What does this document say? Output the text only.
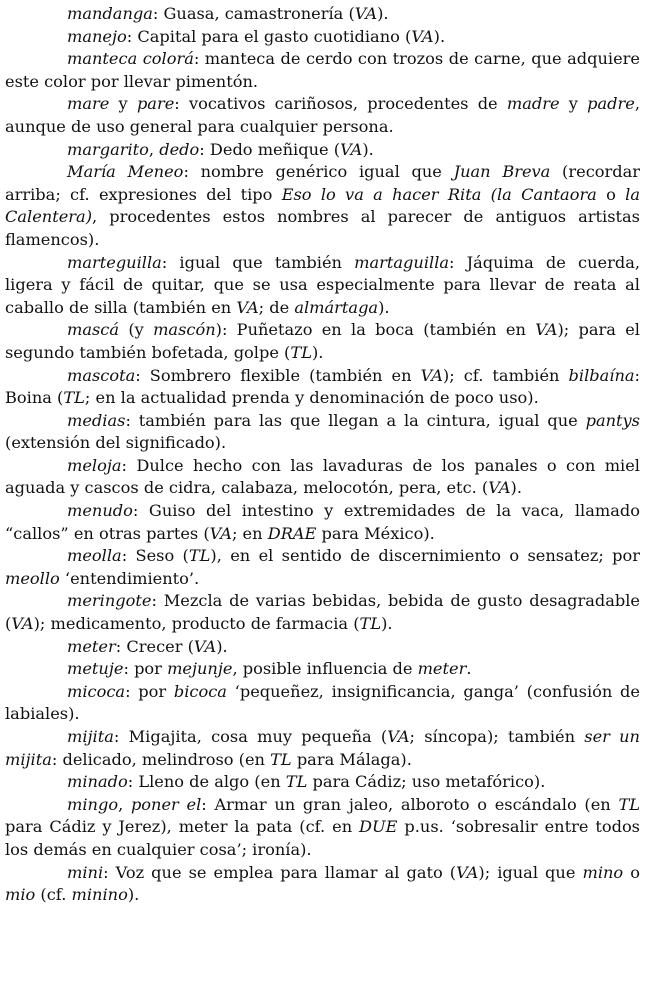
mandanga: Guasa, camastronería (VA).

manejo: Capital para el gasto cuotidiano (VA).

manteca colorá: manteca de cerdo con trozos de carne, que adquiere este color por llevar pimentón.

mare y pare: vocativos cariñosos, procedentes de madre y padre, aunque de uso general para cualquier persona.

margarito, dedo: Dedo meñique (VA).

María Meneo: nombre genérico igual que Juan Breva (recordar arriba; cf. expresiones del tipo Eso lo va a hacer Rita (la Cantaora o la Calentera), procedentes estos nombres al parecer de antiguos artistas flamencos).

marteguilla: igual que también martaguilla: Jáquima de cuerda, ligera y fácil de quitar, que se usa especialmente para llevar de reata al caballo de silla (también en VA; de almártaga).

mascá (y mascón): Puñetazo en la boca (también en VA); para el segundo también bofetada, golpe (TL).

mascota: Sombrero flexible (también en VA); cf. también bilbaína: Boina (TL; en la actualidad prenda y denominación de poco uso).

medias: también para las que llegan a la cintura, igual que pantys (extensión del significado).

meloja: Dulce hecho con las lavaduras de los panales o con miel aguada y cascos de cidra, calabaza, melocotón, pera, etc. (VA).

menudo: Guiso del intestino y extremidades de la vaca, llamado “callos” en otras partes (VA; en DRAE para México).

meolla: Seso (TL), en el sentido de discernimiento o sensatez; por meollo ‘entendimiento’.

meringote: Mezcla de varias bebidas, bebida de gusto desagradable (VA); medicamento, producto de farmacia (TL).

meter: Crecer (VA).

metuje: por mejunje, posible influencia de meter.

micoca: por bicoca ‘pequeñez, insignificancia, ganga’ (confusión de labiales).

mijita: Migajita, cosa muy pequeña (VA; síncopa); también ser un mijita: delicado, melindroso (en TL para Málaga).

minado: Lleno de algo (en TL para Cádiz; uso metafórico).

mingo, poner el: Armar un gran jaleo, alboroto o escándalo (en TL para Cádiz y Jerez), meter la pata (cf. en DUE p.us. ‘sobresalir entre todos los demás en cualquier cosa’; ironía).

mini: Voz que se emplea para llamar al gato (VA); igual que mino o mio (cf. minino).
